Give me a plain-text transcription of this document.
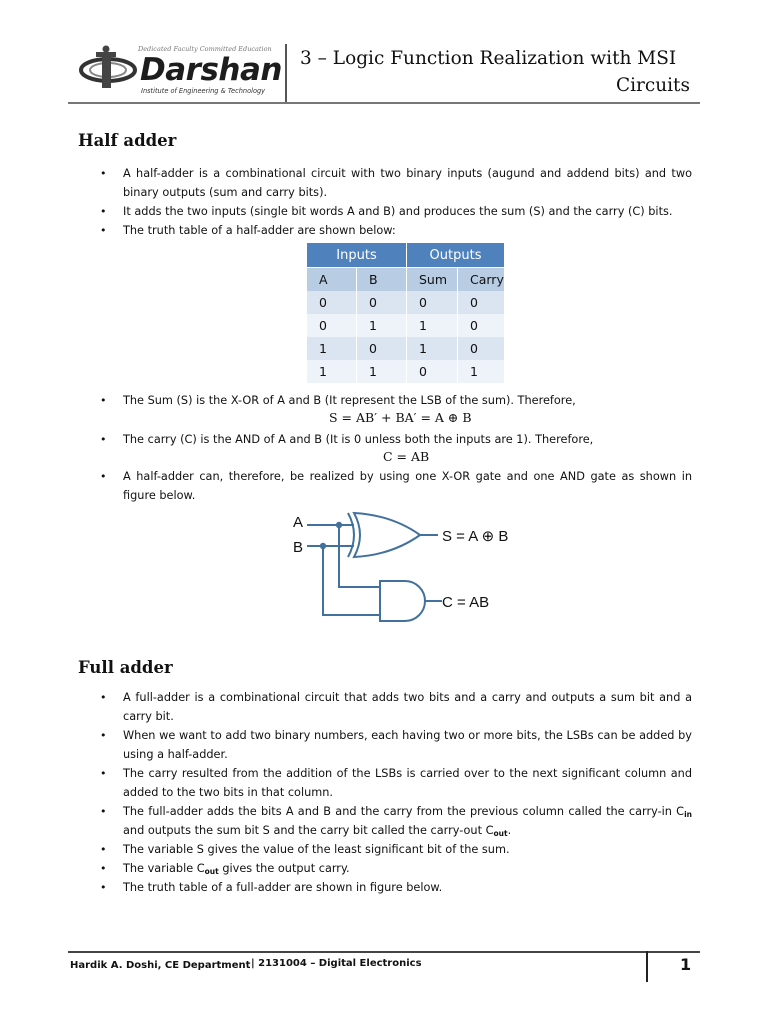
Dedicated Faculty Committed Education
Darshan
Institute of Engineering & Technology
3 – Logic Function Realization with MSI
Circuits
Half adder
• A half-adder is a combinational circuit with two binary inputs (augund and addend bits) and two binary outputs (sum and carry bits).
• It adds the two inputs (single bit words A and B) and produces the sum (S) and the carry (C) bits.
• The truth table of a half-adder are shown below:
Inputs		Outputs	
A	B	Sum	Carry
0	0	0	0
0	1	1	0
1	0	1	0
1	1	0	1
• The Sum (S) is the X-OR of A and B (It represent the LSB of the sum). Therefore,
S = AB′ + BA′ = A ⊕ B
• The carry (C) is the AND of A and B (It is 0 unless both the inputs are 1). Therefore,
C = AB
• A half-adder can, therefore, be realized by using one X-OR gate and one AND gate as shown in figure below.
A
B
S = A ⊕ B
C = AB
Full adder
• A full-adder is a combinational circuit that adds two bits and a carry and outputs a sum bit and a carry bit.
• When we want to add two binary numbers, each having two or more bits, the LSBs can be added by using a half-adder.
• The carry resulted from the addition of the LSBs is carried over to the next significant column and added to the two bits in that column.
• The full-adder adds the bits A and B and the carry from the previous column called the carry-in $C_{in}$ and outputs the sum bit S and the carry bit called the carry-out $C_{out}$.
• The variable S gives the value of the least significant bit of the sum.
• The variable $C_{out}$ gives the output carry.
• The truth table of a full-adder are shown in figure below.
Hardik A. Doshi, CE Department | 2131004 – Digital Electronics	1
